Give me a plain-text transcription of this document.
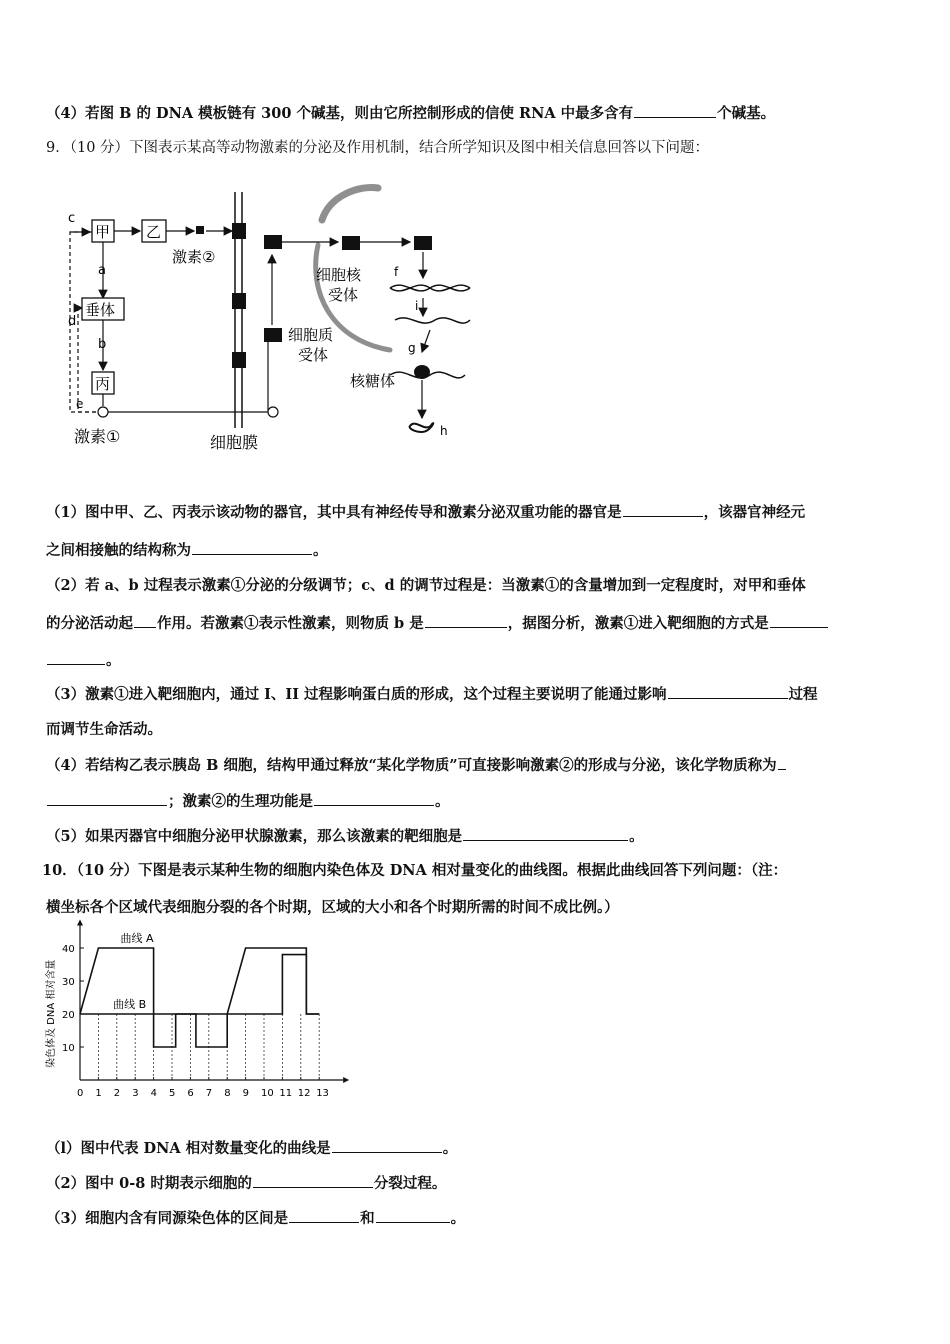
（4）若图 B 的 DNA 模板链有 300 个碱基，则由它所控制形成的信使 RNA 中最多含有	个碱基。
9．（10 分）下图表示某高等动物激素的分泌及作用机制，结合所学知识及图中相关信息回答以下问题：
c
d
e
甲 乙
激素②
a
垂体
b
丙
激素①	细胞膜
细胞质
受体
细胞核
受体
f
i
g
核糖体
h
（1）图中甲、乙、丙表示该动物的器官，其中具有神经传导和激素分泌双重功能的器官是	，该器官神经元
之间相接触的结构称为	。
（2）若 a、b 过程表示激素①分泌的分级调节；c、d 的调节过程是：当激素①的含量增加到一定程度时，对甲和垂体
的分泌活动起 作用。若激素①表示性激素，则物质 b 是	，据图分析，激素①进入靶细胞的方式是
。
（3）激素①进入靶细胞内，通过 I、II 过程影响蛋白质的形成，这个过程主要说明了能通过影响	过程
而调节生命活动。
（4）若结构乙表示胰岛 B 细胞，结构甲通过释放“某化学物质”可直接影响激素②的形成与分泌，该化学物质称为
；激素②的生理功能是	。
（5）如果丙器官中细胞分泌甲状腺激素，那么该激素的靶细胞是	。
10．（10 分）下图是表示某种生物的细胞内染色体及 DNA 相对量变化的曲线图。根据此曲线回答下列问题：（注：
横坐标各个区域代表细胞分裂的各个时期，区域的大小和各个时期所需的时间不成比例。）
10
20
30
40
0 1 2 3 4 5 6 7 8 9 10 11 12 13
染色体及 DNA 相对含量
曲线 A
曲线 B
（l）图中代表 DNA 相对数量变化的曲线是	。
（2）图中 0-8 时期表示细胞的	分裂过程。
（3）细胞内含有同源染色体的区间是	和	。
